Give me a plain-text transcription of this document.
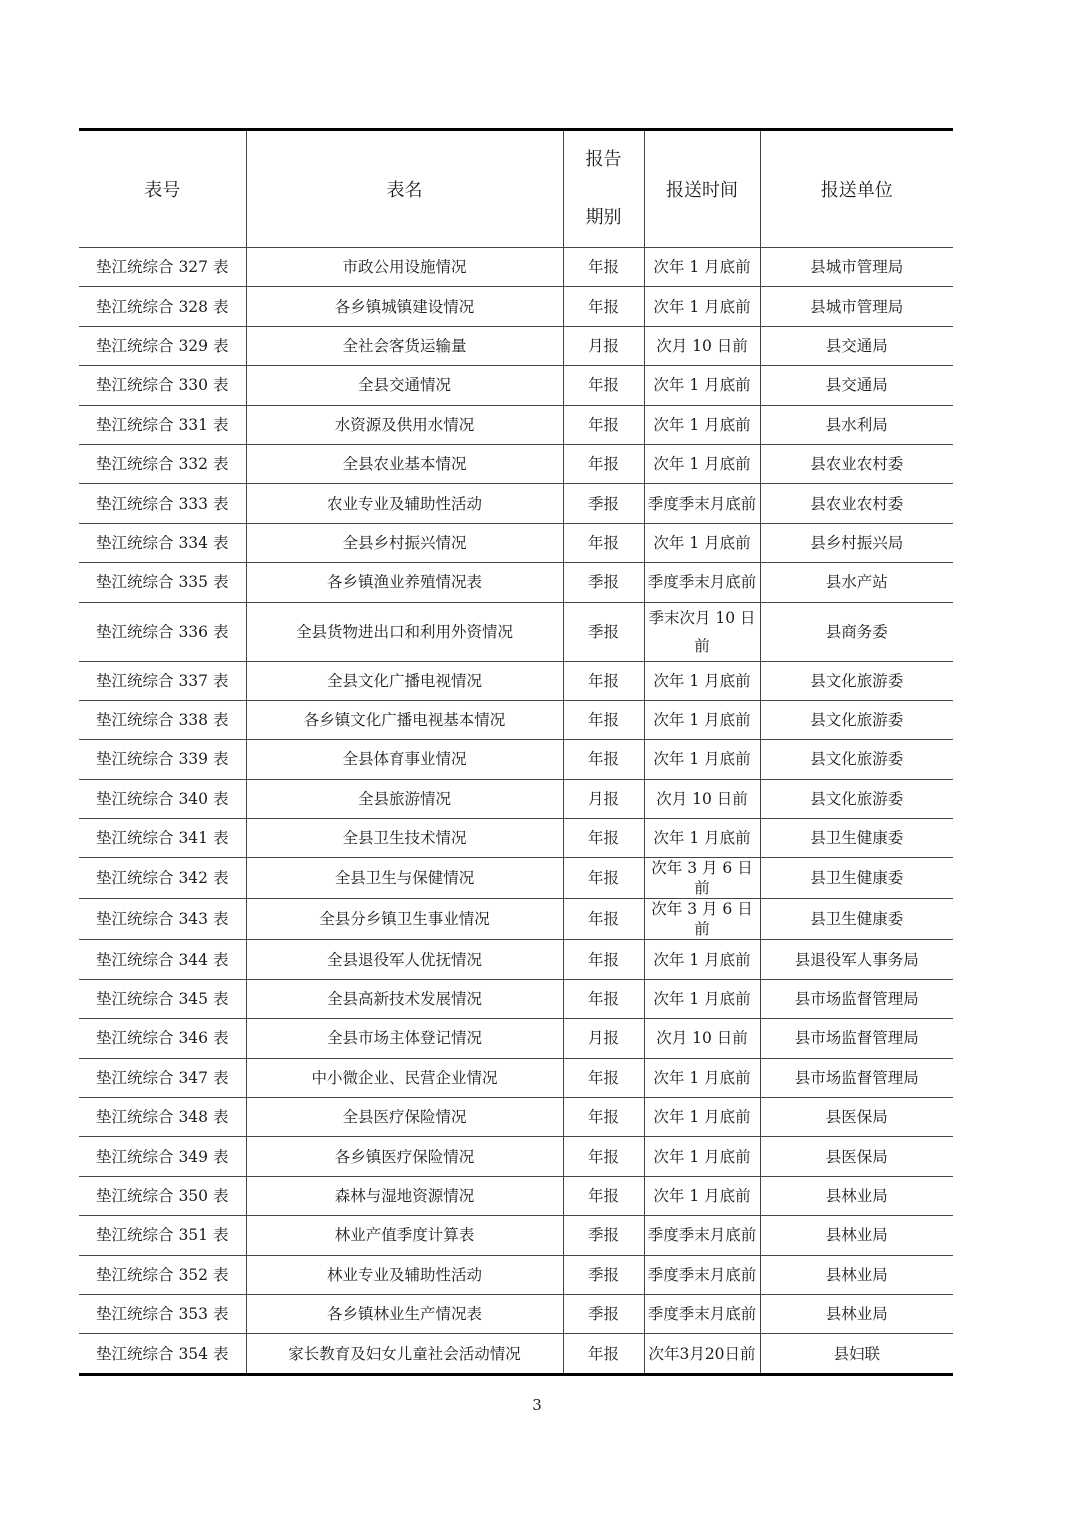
表号	表名	报告期别	报送时间	报送单位
垫江统综合 327 表	市政公用设施情况	年报	次年 1 月底前	县城市管理局
垫江统综合 328 表	各乡镇城镇建设情况	年报	次年 1 月底前	县城市管理局
垫江统综合 329 表	全社会客货运输量	月报	次月 10 日前	县交通局
垫江统综合 330 表	全县交通情况	年报	次年 1 月底前	县交通局
垫江统综合 331 表	水资源及供用水情况	年报	次年 1 月底前	县水利局
垫江统综合 332 表	全县农业基本情况	年报	次年 1 月底前	县农业农村委
垫江统综合 333 表	农业专业及辅助性活动	季报	季度季末月底前	县农业农村委
垫江统综合 334 表	全县乡村振兴情况	年报	次年 1 月底前	县乡村振兴局
垫江统综合 335 表	各乡镇渔业养殖情况表	季报	季度季末月底前	县水产站
垫江统综合 336 表	全县货物进出口和利用外资情况	季报	季末次月 10 日前	县商务委
垫江统综合 337 表	全县文化广播电视情况	年报	次年 1 月底前	县文化旅游委
垫江统综合 338 表	各乡镇文化广播电视基本情况	年报	次年 1 月底前	县文化旅游委
垫江统综合 339 表	全县体育事业情况	年报	次年 1 月底前	县文化旅游委
垫江统综合 340 表	全县旅游情况	月报	次月 10 日前	县文化旅游委
垫江统综合 341 表	全县卫生技术情况	年报	次年 1 月底前	县卫生健康委
垫江统综合 342 表	全县卫生与保健情况	年报	次年 3 月 6 日前	县卫生健康委
垫江统综合 343 表	全县分乡镇卫生事业情况	年报	次年 3 月 6 日前	县卫生健康委
垫江统综合 344 表	全县退役军人优抚情况	年报	次年 1 月底前	县退役军人事务局
垫江统综合 345 表	全县高新技术发展情况	年报	次年 1 月底前	县市场监督管理局
垫江统综合 346 表	全县市场主体登记情况	月报	次月 10 日前	县市场监督管理局
垫江统综合 347 表	中小微企业、民营企业情况	年报	次年 1 月底前	县市场监督管理局
垫江统综合 348 表	全县医疗保险情况	年报	次年 1 月底前	县医保局
垫江统综合 349 表	各乡镇医疗保险情况	年报	次年 1 月底前	县医保局
垫江统综合 350 表	森林与湿地资源情况	年报	次年 1 月底前	县林业局
垫江统综合 351 表	林业产值季度计算表	季报	季度季末月底前	县林业局
垫江统综合 352 表	林业专业及辅助性活动	季报	季度季末月底前	县林业局
垫江统综合 353 表	各乡镇林业生产情况表	季报	季度季末月底前	县林业局
垫江统综合 354 表	家长教育及妇女儿童社会活动情况	年报	次年3月20日前	县妇联
3
